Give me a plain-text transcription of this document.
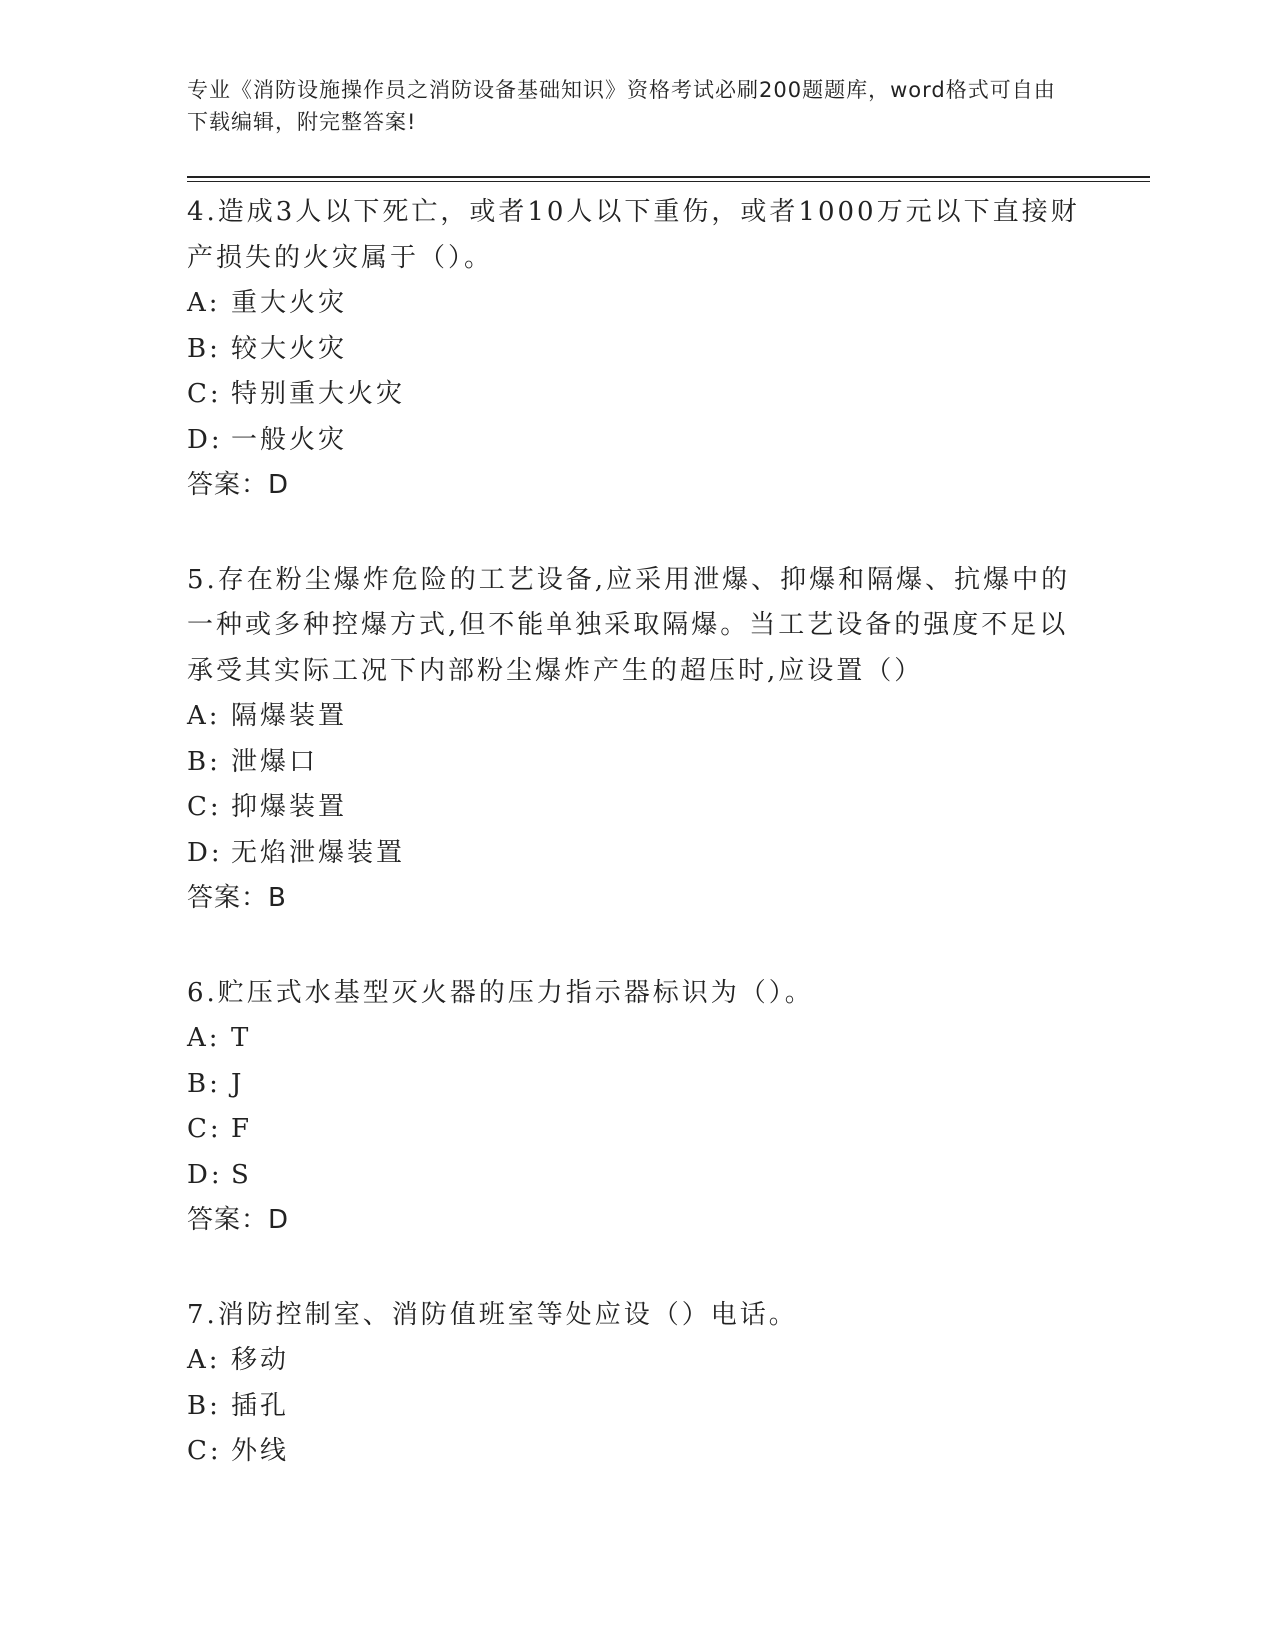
专业《消防设施操作员之消防设备基础知识》资格考试必刷200题题库，word格式可自由下载编辑，附完整答案!
4.造成3人以下死亡，或者10人以下重伤，或者1000万元以下直接财产损失的火灾属于（）。
A: 重大火灾
B: 较大火灾
C: 特别重大火灾
D: 一般火灾
答案：D
5.存在粉尘爆炸危险的工艺设备,应采用泄爆、抑爆和隔爆、抗爆中的一种或多种控爆方式,但不能单独采取隔爆。当工艺设备的强度不足以承受其实际工况下内部粉尘爆炸产生的超压时,应设置（）
A: 隔爆装置
B: 泄爆口
C: 抑爆装置
D: 无焰泄爆装置
答案：B
6.贮压式水基型灭火器的压力指示器标识为（）。
A: T
B: J
C: F
D: S
答案：D
7.消防控制室、消防值班室等处应设（）电话。
A: 移动
B: 插孔
C: 外线
